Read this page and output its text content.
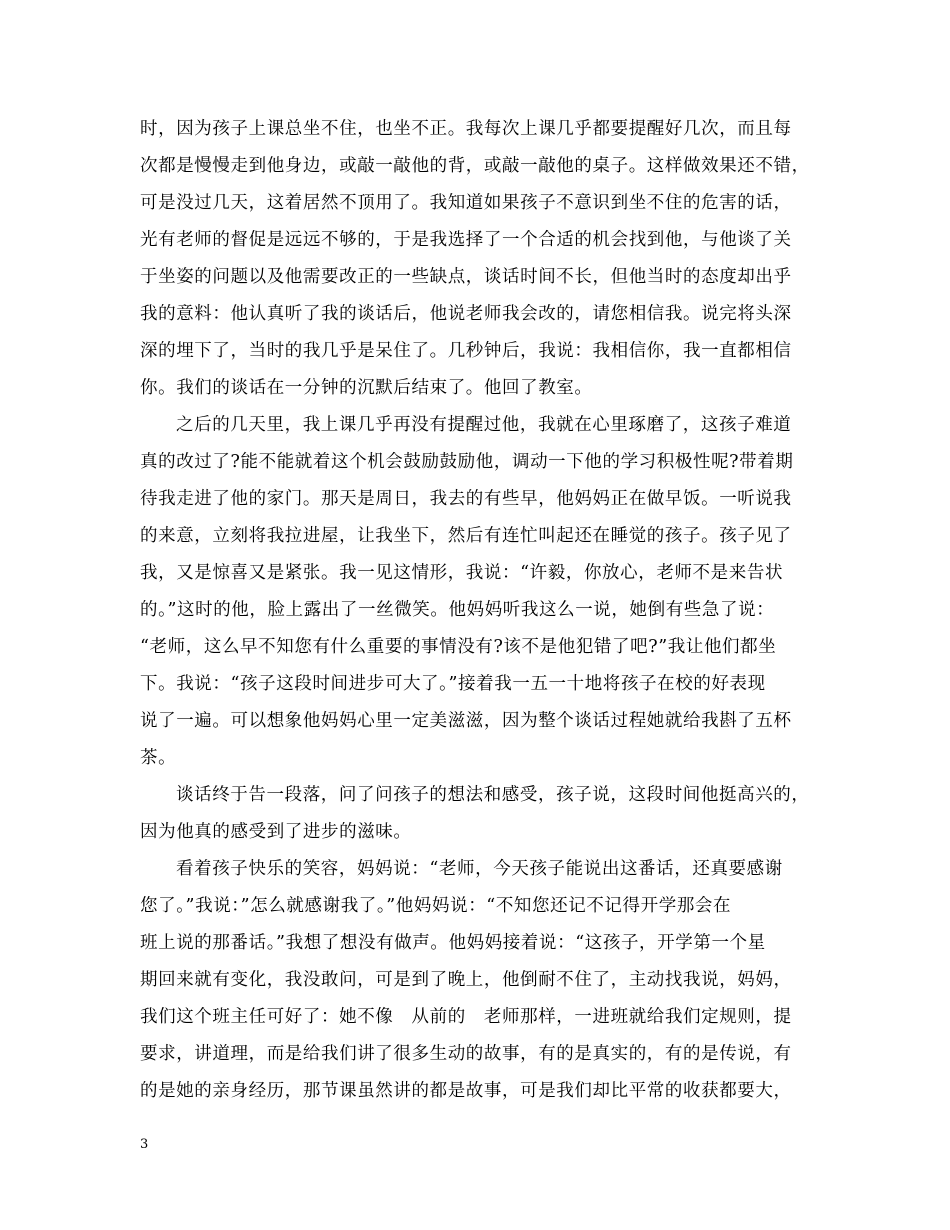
时，因为孩子上课总坐不住，也坐不正。我每次上课几乎都要提醒好几次，而且每
次都是慢慢走到他身边，或敲一敲他的背，或敲一敲他的桌子。这样做效果还不错，
可是没过几天，这着居然不顶用了。我知道如果孩子不意识到坐不住的危害的话，
光有老师的督促是远远不够的，于是我选择了一个合适的机会找到他，与他谈了关
于坐姿的问题以及他需要改正的一些缺点，谈话时间不长，但他当时的态度却出乎
我的意料：他认真听了我的谈话后，他说老师我会改的，请您相信我。说完将头深
深的埋下了，当时的我几乎是呆住了。几秒钟后，我说：我相信你，我一直都相信
你。我们的谈话在一分钟的沉默后结束了。他回了教室。
之后的几天里，我上课几乎再没有提醒过他，我就在心里琢磨了，这孩子难道
真的改过了?能不能就着这个机会鼓励鼓励他，调动一下他的学习积极性呢?带着期
待我走进了他的家门。那天是周日，我去的有些早，他妈妈正在做早饭。一听说我
的来意，立刻将我拉进屋，让我坐下，然后有连忙叫起还在睡觉的孩子。孩子见了
我，又是惊喜又是紧张。我一见这情形，我说：“许毅，你放心，老师不是来告状
的。”这时的他，脸上露出了一丝微笑。他妈妈听我这么一说，她倒有些急了说：
“老师，这么早不知您有什么重要的事情没有?该不是他犯错了吧?”我让他们都坐
下。我说：“孩子这段时间进步可大了。”接着我一五一十地将孩子在校的好表现
说了一遍。可以想象他妈妈心里一定美滋滋，因为整个谈话过程她就给我斟了五杯
茶。
谈话终于告一段落，问了问孩子的想法和感受，孩子说，这段时间他挺高兴的，
因为他真的感受到了进步的滋味。
看着孩子快乐的笑容，妈妈说：“老师，今天孩子能说出这番话，还真要感谢
您了。”我说：”怎么就感谢我了。”他妈妈说：“不知您还记不记得开学那会在
班上说的那番话。”我想了想没有做声。他妈妈接着说：“这孩子，开学第一个星
期回来就有变化，我没敢问，可是到了晚上，他倒耐不住了，主动找我说，妈妈，
我们这个班主任可好了：她不像　从前的　老师那样，一进班就给我们定规则，提
要求，讲道理，而是给我们讲了很多生动的故事，有的是真实的，有的是传说，有
的是她的亲身经历，那节课虽然讲的都是故事，可是我们却比平常的收获都要大，
3
